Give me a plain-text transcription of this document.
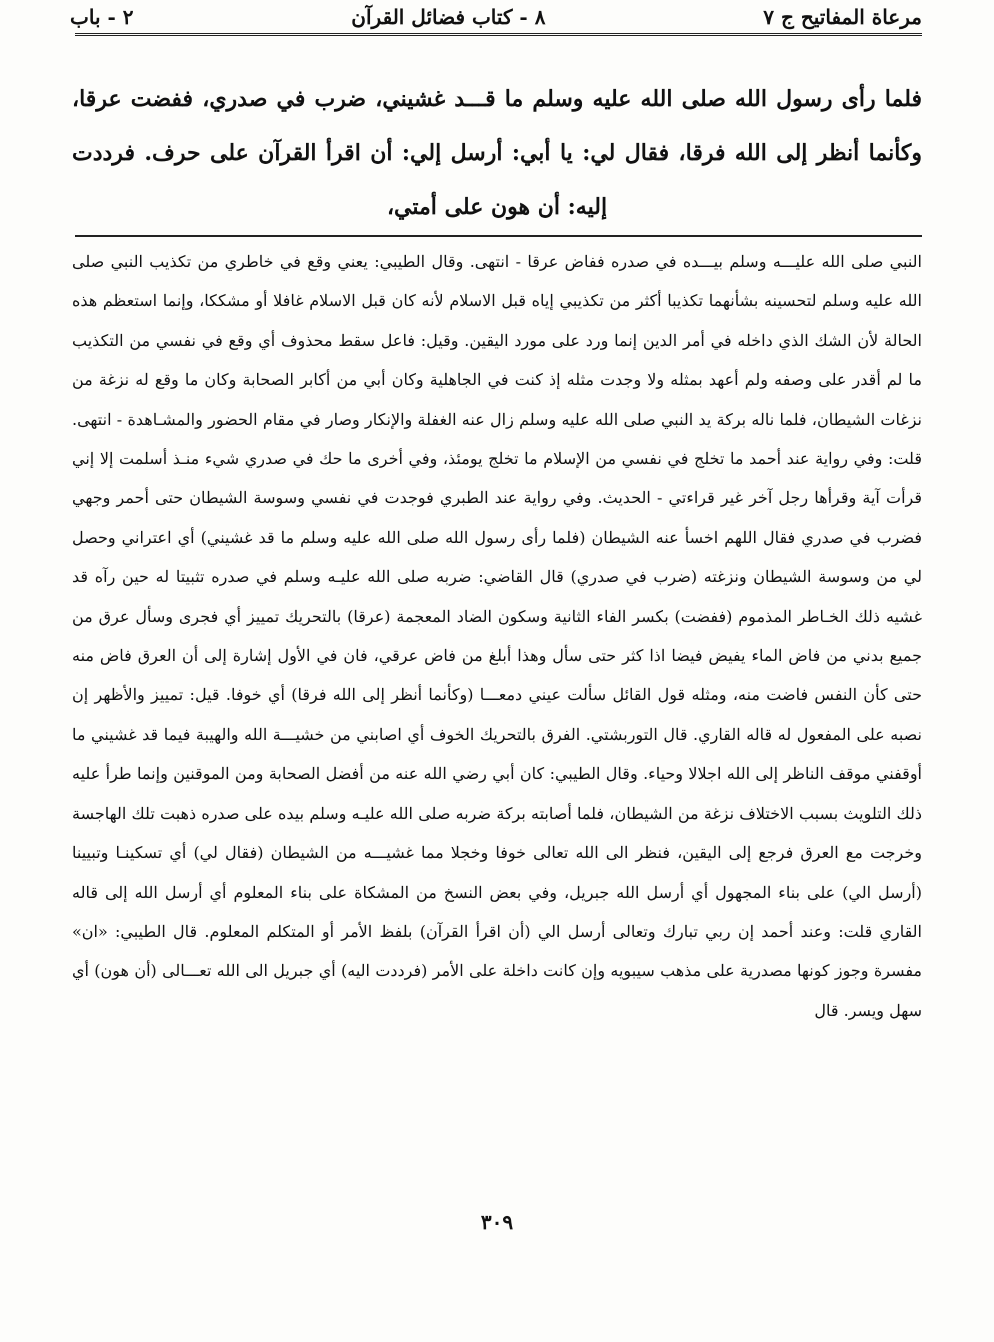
مرعاة المفاتيح ج ٧
٨ - كتاب فضائل القرآن
٢ - باب
فلما رأى رسول الله صلى الله عليه وسلم ما قـــد غشيني، ضرب في صدري، ففضت عرقا، وكأنما أنظر إلى الله فرقا، فقال لي: يا أبي: أرسل إلي: أن اقرأ القرآن على حرف. فرددت إليه: أن هون على أمتي،
النبي صلى الله عليـــه وسلم بيـــده في صدره ففاض عرقا - انتهى. وقال الطيبي: يعني وقع في خاطري من تكذيب النبي صلى الله عليه وسلم لتحسينه بشأنهما تكذيبا أكثر من تكذيبي إياه قبل الاسلام لأنه كان قبل الاسلام غافلا أو مشككا، وإنما استعظم هذه الحالة لأن الشك الذي داخله في أمر الدين إنما ورد على مورد اليقين. وقيل: فاعل سقط محذوف أي وقع في نفسي من التكذيب ما لم أقدر على وصفه ولم أعهد بمثله ولا وجدت مثله إذ كنت في الجاهلية وكان أبي من أكابر الصحابة وكان ما وقع له نزغة من نزغات الشيطان، فلما ناله بركة يد النبي صلى الله عليه وسلم زال عنه الغفلة والإنكار وصار في مقام الحضور والمشـاهدة - انتهى. قلت: وفي رواية عند أحمد ما تخلج في نفسي من الإسلام ما تخلج يومئذ، وفي أخرى ما حك في صدري شيء منـذ أسلمت إلا إني قرأت آية وقرأها رجل آخر غير قراءتي - الحديث. وفي رواية عند الطبري فوجدت في نفسي وسوسة الشيطان حتى أحمر وجهي فضرب في صدري فقال اللهم اخسأ عنه الشيطان (فلما رأى رسول الله صلى الله عليه وسلم ما قد غشيني) أي اعتراني وحصل لي من وسوسة الشيطان ونزغته (ضرب في صدري) قال القاضي: ضربه صلى الله عليـه وسلم في صدره تثبيتا له حين رآه قد غشيه ذلك الخـاطر المذموم (ففضت) بكسر الفاء الثانية وسكون الضاد المعجمة (عرقا) بالتحريك تمييز أي فجرى وسأل عرق من جميع بدني من فاض الماء يفيض فيضا اذا كثر حتى سأل وهذا أبلغ من فاض عرقي، فان في الأول إشارة إلى أن العرق فاض منه حتى كأن النفس فاضت منه، ومثله قول القائل سألت عيني دمعـــا (وكأنما أنظر إلى الله فرقا) أي خوفا. قيل: تمييز والأظهر إن نصبه على المفعول له قاله القاري. قال التوربشتي. الفرق بالتحريك الخوف أي اصابني من خشيـــة الله والهيبة فيما قد غشيني ما أوقفني موقف الناظر إلى الله اجلالا وحياء. وقال الطيبي: كان أبي رضي الله عنه من أفضل الصحابة ومن الموقنين وإنما طرأ عليه ذلك التلويث بسبب الاختلاف نزغة من الشيطان، فلما أصابته بركة ضربه صلى الله عليـه وسلم بيده على صدره ذهبت تلك الهاجسة وخرجت مع العرق فرجع إلى اليقين، فنظر الى الله تعالى خوفا وخجلا مما غشيـــه من الشيطان (فقال لي) أي تسكينـا وتبيينا (أرسل الي) على بناء المجهول أي أرسل الله جبريل، وفي بعض النسخ من المشكاة على بناء المعلوم أي أرسل الله إلى قاله القاري قلت: وعند أحمد إن ربي تبارك وتعالى أرسل الي (أن اقرأ القرآن) بلفظ الأمر أو المتكلم المعلوم. قال الطيبي: «ان» مفسرة وجوز كونها مصدرية على مذهب سيبويه وإن كانت داخلة على الأمر (فرددت اليه) أي جبريل الى الله تعـــالى (أن هون) أي سهل ويسر. قال
٣٠٩
